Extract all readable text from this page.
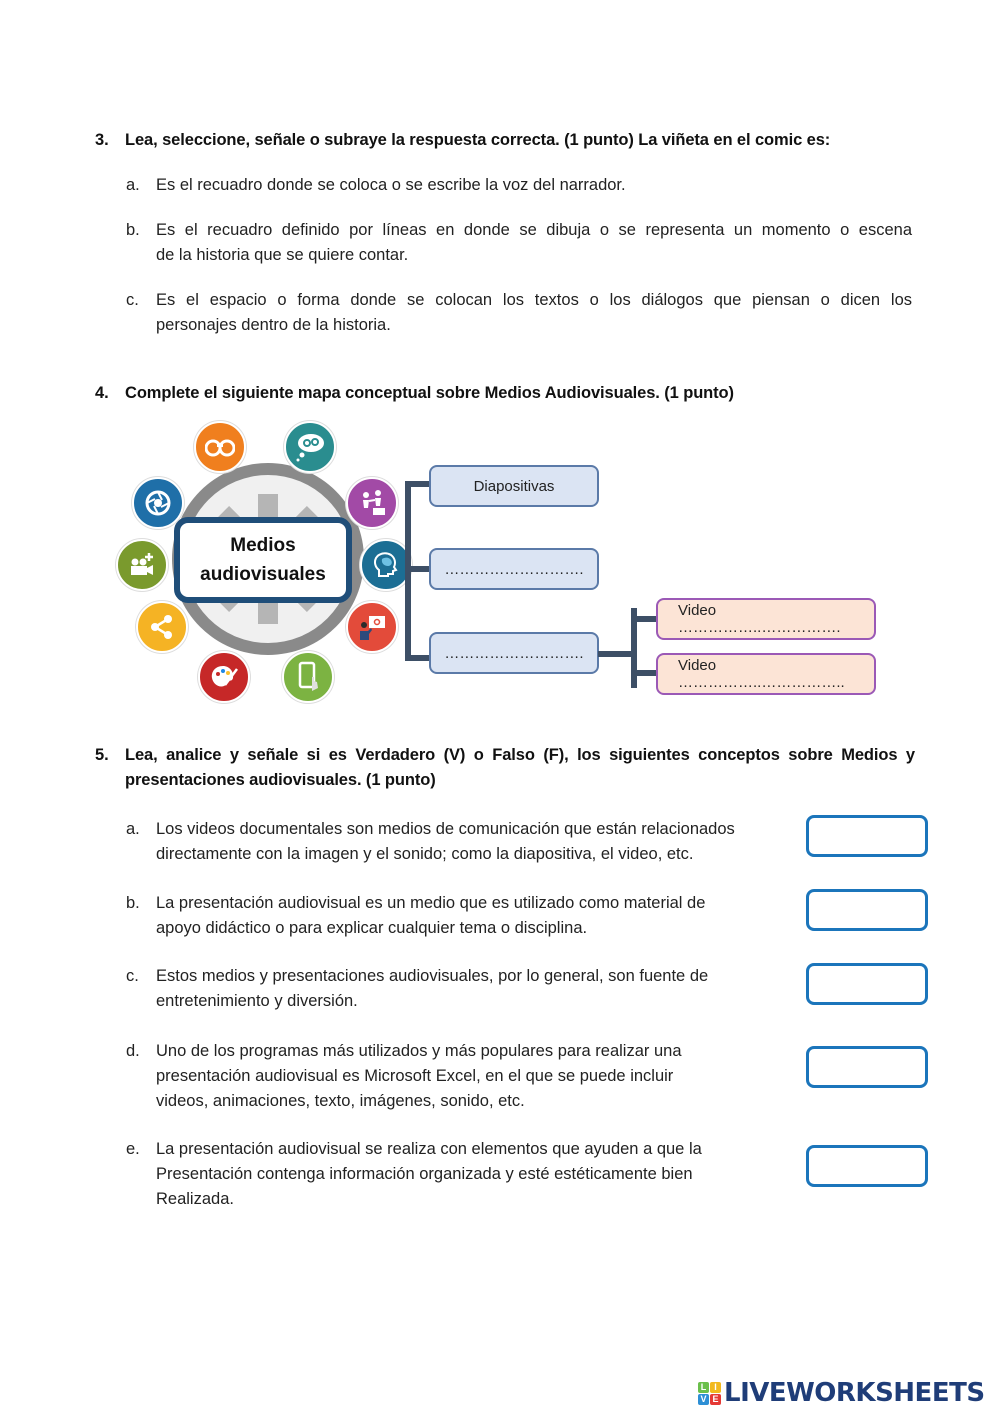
3. Lea, seleccione, señale o subraye la respuesta correcta. (1 punto) La viñeta en el comic es:
a. Es el recuadro donde se coloca o se escribe la voz del narrador.
b. Es el recuadro definido por líneas en donde se dibuja o se representa un momento o escena
de la historia que se quiere contar.
c.	Es el espacio o forma donde se colocan los textos o los diálogos que piensan o dicen los
personajes dentro de la historia.
4. Complete el siguiente mapa conceptual sobre Medios Audiovisuales. (1 punto)
Medios
audiovisuales
Diapositivas
……………………….
……………………….
Video ……………..…………….
Video ……………..……………..
5. Lea, analice y señale si es Verdadero (V) o Falso (F), los siguientes conceptos sobre Medios y
presentaciones audiovisuales. (1 punto)
a. Los videos documentales son medios de comunicación que están relacionados
directamente con la imagen y el sonido; como la diapositiva, el video, etc.
b. La presentación audiovisual es un medio que es utilizado como material de
apoyo didáctico o para explicar cualquier tema o disciplina.
c.	Estos medios y presentaciones audiovisuales, por lo general, son fuente de
entretenimiento y diversión.
d. Uno de los programas más utilizados y más populares para realizar una
presentación audiovisual es Microsoft Excel, en el que se puede incluir
videos, animaciones, texto, imágenes, sonido, etc.
e. La presentación audiovisual se realiza con elementos que ayuden a que la
Presentación contenga información organizada y esté estéticamente bien
Realizada.
L I
V E LIVEWORKSHEETS
